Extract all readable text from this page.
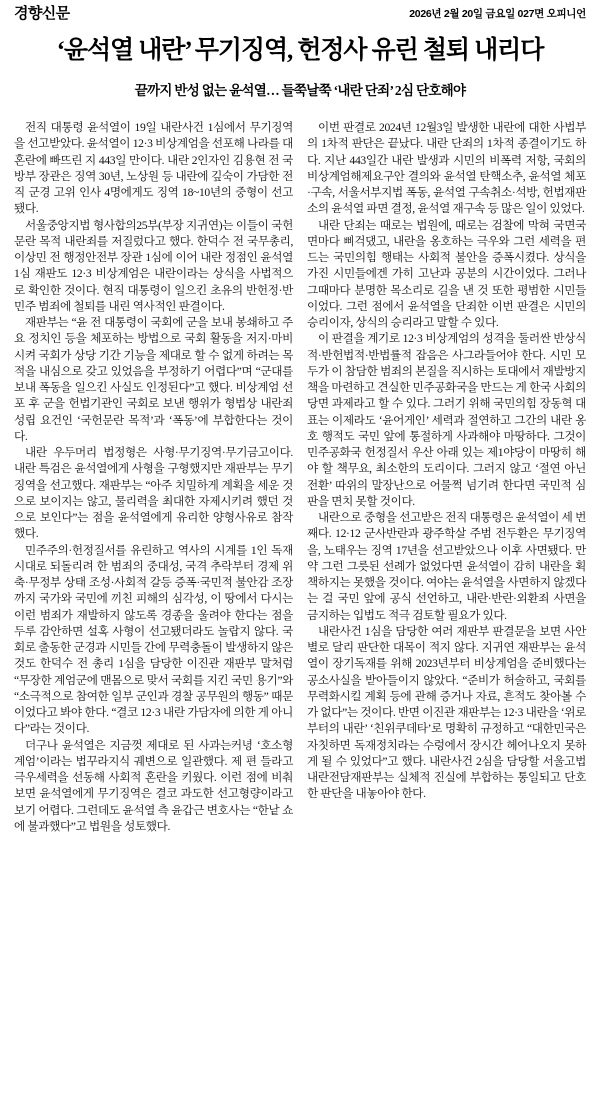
경향신문	2026년 2월 20일 금요일 027면 오피니언
‘윤석열 내란’ 무기징역, 헌정사 유린 철퇴 내리다
끝까지 반성 없는 윤석열… 들쭉날쭉 ‘내란 단죄’ 2심 단호해야

전직 대통령 윤석열이 19일 내란사건 1심에서 무기징역을 선고받았다. 윤석열이 12·3 비상계엄을 선포해 나라를 대혼란에 빠뜨린 지 443일 만이다. 내란 2인자인 김용현 전 국방부 장관은 징역 30년, 노상원 등 내란에 깊숙이 가담한 전직 군경 고위 인사 4명에게도 징역 18~10년의 중형이 선고됐다.

서울중앙지법 형사합의25부(부장 지귀연)는 이들이 국헌문란 목적 내란죄를 저질렀다고 했다. 한덕수 전 국무총리, 이상민 전 행정안전부 장관 1심에 이어 내란 정점인 윤석열 1심 재판도 12·3 비상계엄은 내란이라는 상식을 사법적으로 확인한 것이다. 현직 대통령이 일으킨 초유의 반헌정·반민주 범죄에 철퇴를 내린 역사적인 판결이다.

재판부는 “윤 전 대통령이 국회에 군을 보내 봉쇄하고 주요 정치인 등을 체포하는 방법으로 국회 활동을 저지·마비시켜 국회가 상당 기간 기능을 제대로 할 수 없게 하려는 목적을 내심으로 갖고 있었음을 부정하기 어렵다”며 “군대를 보내 폭동을 일으킨 사실도 인정된다”고 했다. 비상계엄 선포 후 군을 헌법기관인 국회로 보낸 행위가 형법상 내란죄 성립 요건인 ‘국헌문란 목적’과 ‘폭동’에 부합한다는 것이다.

내란 우두머리 법정형은 사형·무기징역·무기금고이다. 내란 특검은 윤석열에게 사형을 구형했지만 재판부는 무기징역을 선고했다. 재판부는 “아주 치밀하게 계획을 세운 것으로 보이지는 않고, 물리력을 최대한 자제시키려 했던 것으로 보인다”는 점을 윤석열에게 유리한 양형사유로 참작했다.

민주주의·헌정질서를 유린하고 역사의 시계를 1인 독재 시대로 되돌리려 한 범죄의 중대성, 국격 추락부터 경제 위축·무정부 상태 조성·사회적 갈등 증폭·국민적 불안감 조장까지 국가와 국민에 끼친 피해의 심각성, 이 땅에서 다시는 이런 범죄가 재발하지 않도록 경종을 울려야 한다는 점을 두루 감안하면 설혹 사형이 선고됐더라도 놀랍지 않다. 국회로 출동한 군경과 시민들 간에 무력충돌이 발생하지 않은 것도 한덕수 전 총리 1심을 담당한 이진관 재판부 말처럼 “무장한 계엄군에 맨몸으로 맞서 국회를 지킨 국민 용기”와 “소극적으로 참여한 일부 군인과 경찰 공무원의 행동” 때문이었다고 봐야 한다. “결코 12·3 내란 가담자에 의한 게 아니다”라는 것이다.

더구나 윤석열은 지금껏 제대로 된 사과는커녕 ‘호소형 계엄’이라는 법꾸라지식 궤변으로 일관했다. 제 편 들라고 극우세력을 선동해 사회적 혼란을 키웠다. 이런 점에 비춰보면 윤석열에게 무기징역은 결코 과도한 선고형량이라고 보기 어렵다. 그런데도 윤석열 측 윤갑근 변호사는 “한낱 쇼에 불과했다”고 법원을 성토했다.

이번 판결로 2024년 12월3일 발생한 내란에 대한 사법부의 1차적 판단은 끝났다. 내란 단죄의 1차적 종결이기도 하다. 지난 443일간 내란 발생과 시민의 비폭력 저항, 국회의 비상계엄해제요구안 결의와 윤석열 탄핵소추, 윤석열 체포·구속, 서울서부지법 폭동, 윤석열 구속취소·석방, 헌법재판소의 윤석열 파면 결정, 윤석열 재구속 등 많은 일이 있었다.

내란 단죄는 때로는 법원에, 때로는 검찰에 막혀 국면국면마다 삐걱댔고, 내란을 옹호하는 극우와 그런 세력을 편드는 국민의힘 행태는 사회적 불안을 증폭시켰다. 상식을 가진 시민들에겐 가히 고난과 공분의 시간이었다. 그러나 그때마다 분명한 목소리로 길을 낸 것 또한 평범한 시민들이었다. 그런 점에서 윤석열을 단죄한 이번 판결은 시민의 승리이자, 상식의 승리라고 말할 수 있다.

이 판결을 계기로 12·3 비상계엄의 성격을 둘러싼 반상식적·반헌법적·반법률적 잡음은 사그라들어야 한다. 시민 모두가 이 참담한 범죄의 본질을 직시하는 토대에서 재발방지책을 마련하고 견실한 민주공화국을 만드는 게 한국 사회의 당면 과제라고 할 수 있다. 그러기 위해 국민의힘 장동혁 대표는 이제라도 ‘윤어게인’ 세력과 절연하고 그간의 내란 옹호 행적도 국민 앞에 통절하게 사과해야 마땅하다. 그것이 민주공화국 헌정질서 우산 아래 있는 제1야당이 마땅히 해야 할 책무요, 최소한의 도리이다. 그러지 않고 ‘절연 아닌 전환’ 따위의 말장난으로 어물쩍 넘기려 한다면 국민적 심판을 면치 못할 것이다.

내란으로 중형을 선고받은 전직 대통령은 윤석열이 세 번째다. 12·12 군사반란과 광주학살 주범 전두환은 무기징역을, 노태우는 징역 17년을 선고받았으나 이후 사면됐다. 만약 그런 그릇된 선례가 없었다면 윤석열이 감히 내란을 획책하지는 못했을 것이다. 여야는 윤석열을 사면하지 않겠다는 걸 국민 앞에 공식 선언하고, 내란·반란·외환죄 사면을 금지하는 입법도 적극 검토할 필요가 있다.

내란사건 1심을 담당한 여러 재판부 판결문을 보면 사안별로 달리 판단한 대목이 적지 않다. 지귀연 재판부는 윤석열이 장기독재를 위해 2023년부터 비상계엄을 준비했다는 공소사실을 받아들이지 않았다. “준비가 허술하고, 국회를 무력화시킬 계획 등에 관해 증거나 자료, 흔적도 찾아볼 수가 없다”는 것이다. 반면 이진관 재판부는 12·3 내란을 ‘위로부터의 내란’ ‘친위쿠데타’로 명확히 규정하고 “대한민국은 자칫하면 독재정치라는 수렁에서 장시간 헤어나오지 못하게 될 수 있었다”고 했다. 내란사건 2심을 담당할 서울고법 내란전담재판부는 실체적 진실에 부합하는 통일되고 단호한 판단을 내놓아야 한다.
